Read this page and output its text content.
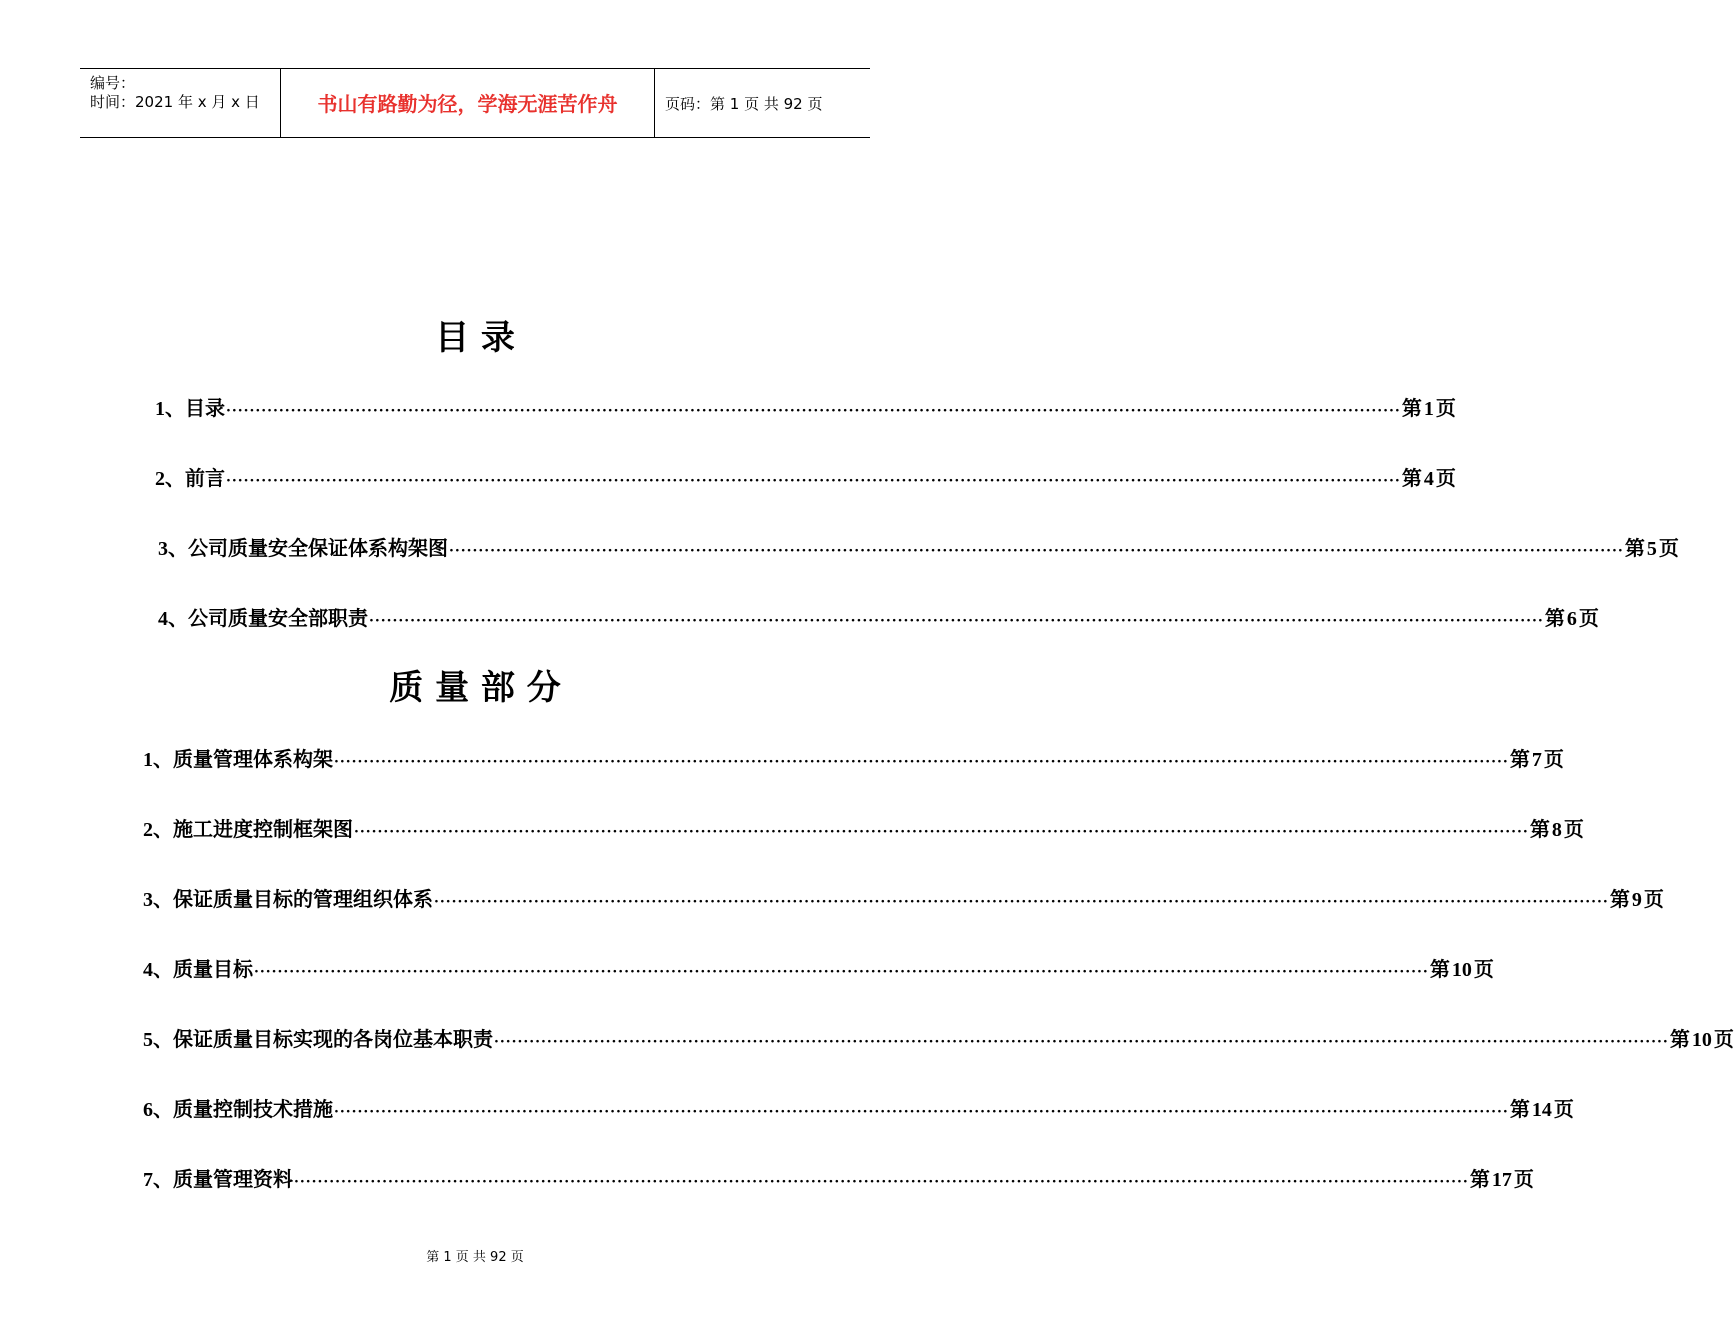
编号：
时间：2021 年 x 月 x 日	书山有路勤为径，学海无涯苦作舟	页码：第 1 页 共 92 页
目 录
1、目录 ········································································································································································································ 第 1 页
2、前言 ········································································································································································································ 第 4 页
3、公司质量安全保证体系构架图 ········································································································································································································ 第 5 页
4、公司质量安全部职责 ········································································································································································································ 第 6 页
质 量 部 分
1、质量管理体系构架 ········································································································································································································ 第 7 页
2、施工进度控制框架图 ········································································································································································································ 第 8 页
3、保证质量目标的管理组织体系 ········································································································································································································ 第 9 页
4、质量目标 ········································································································································································································ 第 10 页
5、保证质量目标实现的各岗位基本职责 ········································································································································································································ 第 10 页
6、质量控制技术措施 ········································································································································································································ 第 14 页
7、质量管理资料 ········································································································································································································ 第 17 页
第 1 页 共 92 页
